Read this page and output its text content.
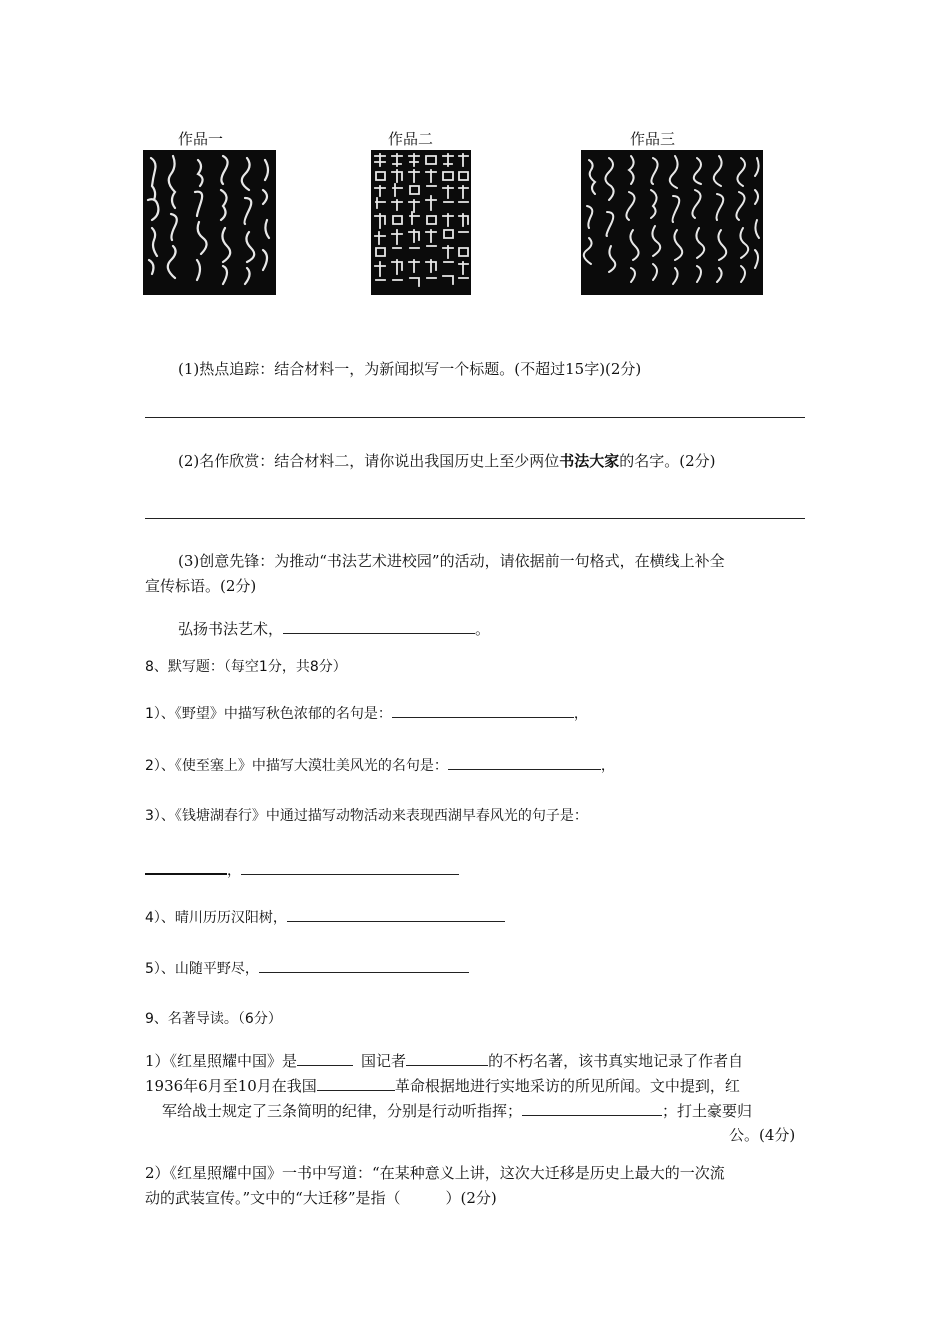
作品一	作品二	作品三
(1)热点追踪：结合材料一，为新闻拟写一个标题。(不超过15字)(2分)
(2)名作欣赏：结合材料二，请你说出我国历史上至少两位书法大家的名字。(2分)
(3)创意先锋：为推动“书法艺术进校园”的活动，请依据前一句格式，在横线上补全
宣传标语。(2分)
弘扬书法艺术，	。
8、默写题：（每空1分，共8分）
1）、《野望》中描写秋色浓郁的名句是：	，
2）、《使至塞上》中描写大漠壮美风光的名句是：	，
3）、《钱塘湖春行》中通过描写动物活动来表现西湖早春风光的句子是：
，
4）、晴川历历汉阳树，
5）、山随平野尽，
9、名著导读。（6分）
1）《红星照耀中国》是	国记者	的不朽名著，该书真实地记录了作者自
1936年6月至10月在我国	革命根据地进行实地采访的所见所闻。文中提到，红
军给战士规定了三条简明的纪律，分别是行动听指挥；	；打土豪要归
公。(4分)
2）《红星照耀中国》一书中写道：“在某种意义上讲，这次大迁移是历史上最大的一次流
动的武装宣传。”文中的“大迁移”是指（　　　）(2分)
